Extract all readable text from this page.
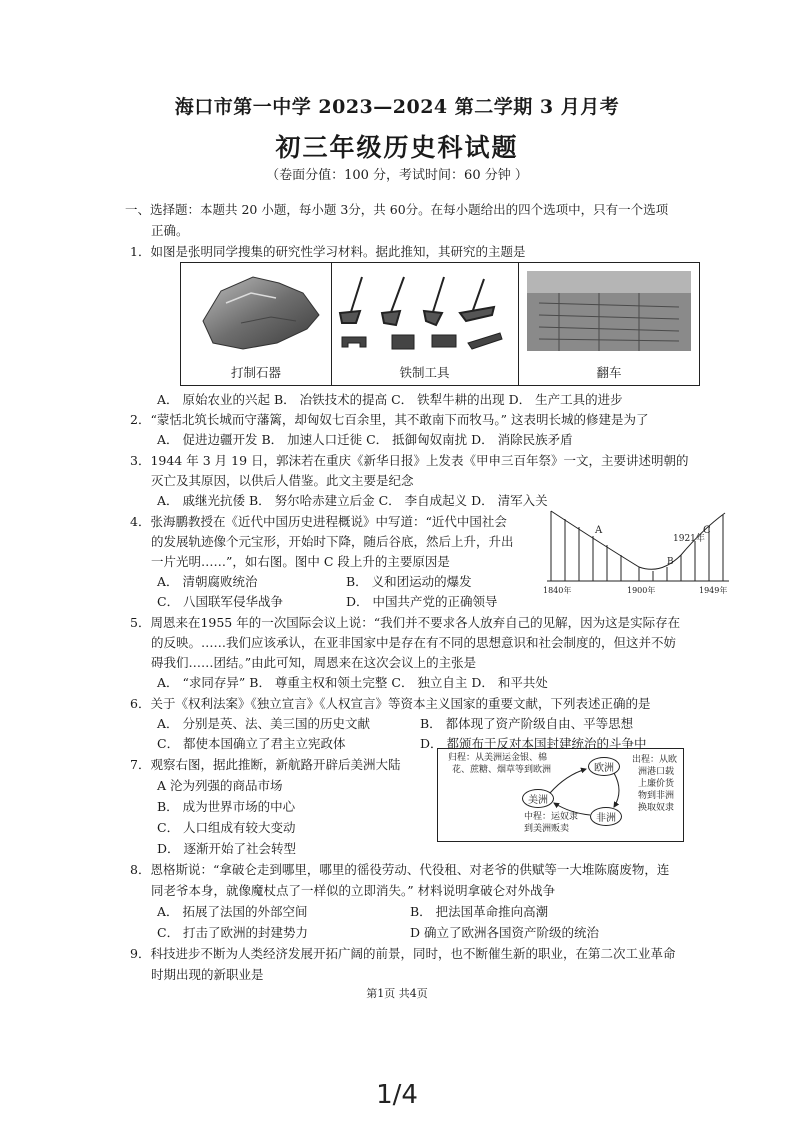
海口市第一中学 2023—2024 第二学期 3 月月考
初三年级历史科试题
（卷面分值：100 分，考试时间：60 分钟 ）
一、选择题：本题共 20 小题，每小题 3分，共 60分。在每小题给出的四个选项中，只有一个选项
正确。
1．如图是张明同学搜集的研究性学习材料。据此推知，其研究的主题是
打制石器	铁制工具	翻车
A． 原始农业的兴起 B． 冶铁技术的提高 C． 铁犁牛耕的出现 D． 生产工具的进步
2．“蒙恬北筑长城而守藩篱，却匈奴七百余里，其不敢南下而牧马。” 这表明长城的修建是为了
A． 促进边疆开发 B． 加速人口迁徙 C． 抵御匈奴南扰 D． 消除民族矛盾
3．1944 年 3 月 19 日，郭沫若在重庆《新华日报》上发表《甲申三百年祭》一文，主要讲述明朝的
灭亡及其原因，以供后人借鉴。此文主要是纪念
A． 戚继光抗倭 B． 努尔哈赤建立后金 C． 李自成起义 D． 清军入关
4．张海鹏教授在《近代中国历史进程概说》中写道：“近代中国社会
的发展轨迹像个元宝形，开始时下降，随后谷底，然后上升，升出
一片光明……”，如右图。图中 C 段上升的主要原因是
A． 清朝腐败统治	B． 义和团运动的爆发
C． 八国联军侵华战争	D． 中国共产党的正确领导
A
B
C
1921年
1840年	1900年	1949年
5．周恩来在1955 年的一次国际会议上说：“我们并不要求各人放弃自己的见解，因为这是实际存在
的反映。……我们应该承认，在亚非国家中是存在有不同的思想意识和社会制度的，但这并不妨
碍我们……团结。”由此可知，周恩来在这次会议上的主张是
A． “求同存异” B． 尊重主权和领土完整 C． 独立自主 D． 和平共处
6．关于《权利法案》《独立宣言》《人权宣言》等资本主义国家的重要文献，下列表述正确的是
A． 分别是英、法、美三国的历史文献	B． 都体现了资产阶级自由、平等思想
C． 都使本国确立了君主立宪政体	D． 都颁布于反对本国封建统治的斗争中
7．观察右图，据此推断，新航路开辟后美洲大陆
A 沦为列强的商品市场
B． 成为世界市场的中心
C． 人口组成有较大变动
D． 逐渐开始了社会转型
归程：从美洲运金银、棉
花、蔗糖、烟草等到欧洲	欧洲
出程：从欧
洲港口载
上廉价货
物到非洲
换取奴隶
美洲
非洲
中程：运奴隶
到美洲贩卖
8．恩格斯说：“拿破仑走到哪里，哪里的徭役劳动、代役租、对老爷的供赋等一大堆陈腐废物，连
同老爷本身，就像魔杖点了一样似的立即消失。” 材料说明拿破仑对外战争
A． 拓展了法国的外部空间	B． 把法国革命推向高潮
C． 打击了欧洲的封建势力	D 确立了欧洲各国资产阶级的统治
9．科技进步不断为人类经济发展开拓广阔的前景，同时，也不断催生新的职业，在第二次工业革命
时期出现的新职业是
第1页 共4页
1/4
